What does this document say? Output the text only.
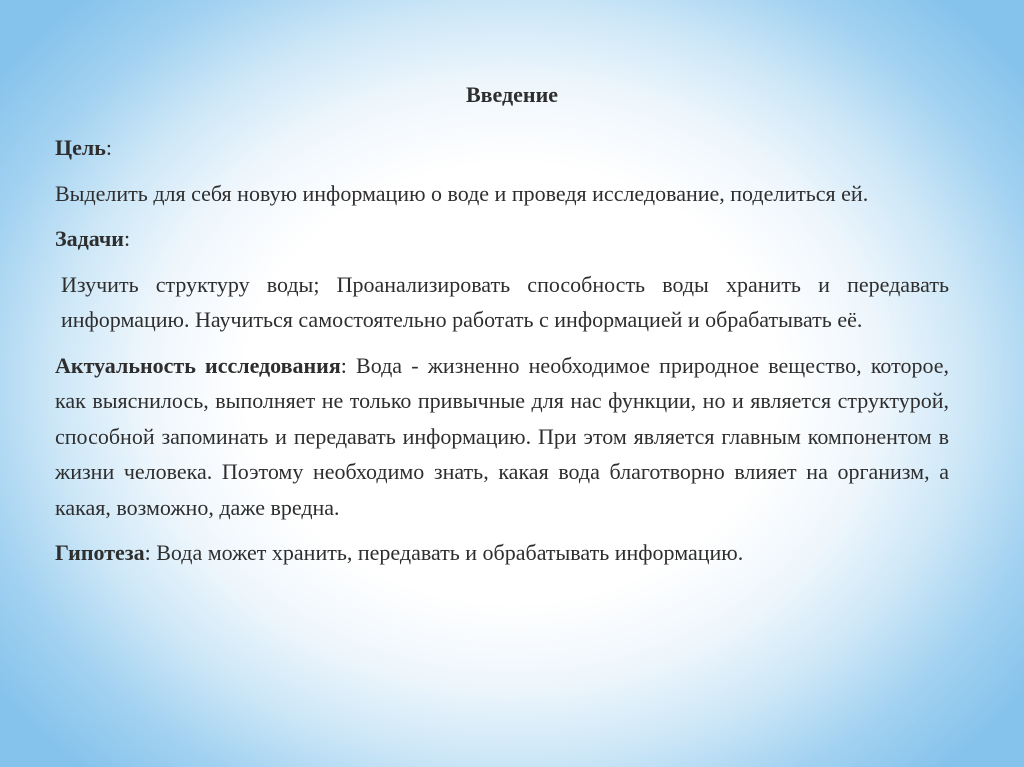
Введение

Цель:

Выделить для себя новую информацию о воде и проведя исследование, поделиться ей.

Задачи:

Изучить структуру воды; Проанализировать способность воды хранить и передавать информацию. Научиться самостоятельно работать с информацией и обрабатывать её.

Актуальность исследования: Вода - жизненно необходимое природное вещество, которое, как выяснилось, выполняет не только привычные для нас функции, но и является структурой, способной запоминать и передавать информацию. При этом является главным компонентом в жизни человека. Поэтому необходимо знать, какая вода благотворно влияет на организм, а какая, возможно, даже вредна.

Гипотеза: Вода может хранить, передавать и обрабатывать информацию.
